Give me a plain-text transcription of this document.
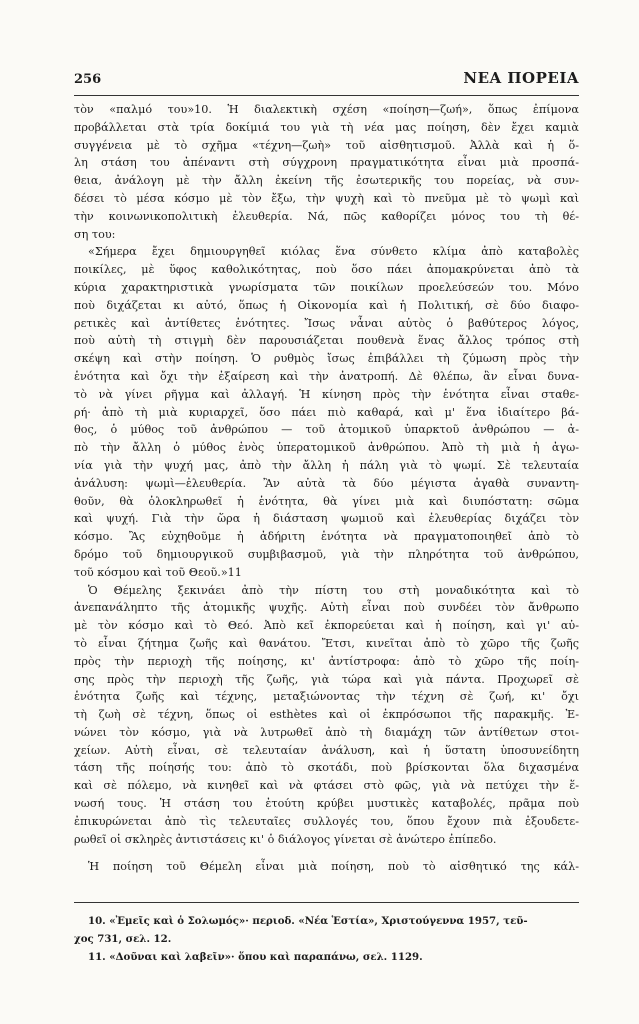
256	ΝΕΑ ΠΟΡΕΙΑ
τὸν «παλμό του»10. Ἡ διαλεκτικὴ σχέση «ποίηση—ζωή», ὅπως ἐπίμονα
προβάλλεται στὰ τρία δοκίμιά του γιὰ τὴ νέα μας ποίηση, δὲν ἔχει καμιὰ
συγγένεια μὲ τὸ σχῆμα «τέχνη—ζωὴ» τοῦ αἰσθητισμοῦ. Ἀλλὰ καὶ ἡ ὅ-
λη στάση του ἀπέναντι στὴ σύγχρονη πραγματικότητα εἶναι μιὰ προσπά-
θεια, ἀνάλογη μὲ τὴν ἄλλη ἐκείνη τῆς ἐσωτερικῆς του πορείας, νὰ συν-
δέσει τὸ μέσα κόσμο μὲ τὸν ἔξω, τὴν ψυχὴ καὶ τὸ πνεῦμα μὲ τὸ ψωμὶ καὶ
τὴν κοινωνικοπολιτικὴ ἐλευθερία. Νά, πῶς καθορίζει μόνος του τὴ θέ-
ση του:
«Σήμερα ἔχει δημιουργηθεῖ κιόλας ἕνα σύνθετο κλίμα ἀπὸ καταβολὲς
ποικίλες, μὲ ὕφος καθολικότητας, ποὺ ὅσο πάει ἀπομακρύνεται ἀπὸ τὰ
κύρια χαρακτηριστικὰ γνωρίσματα τῶν ποικίλων προελεύσεών του. Μόνο
ποὺ διχάζεται κι αὐτό, ὅπως ἡ Οἰκονομία καὶ ἡ Πολιτική, σὲ δύο διαφο-
ρετικὲς καὶ ἀντίθετες ἑνότητες. Ἴσως νἆναι αὐτὸς ὁ βαθύτερος λόγος,
ποὺ αὐτὴ τὴ στιγμὴ δὲν παρουσιάζεται πουθενὰ ἕνας ἄλλος τρόπος στὴ
σκέψη καὶ στὴν ποίηση. Ὁ ρυθμὸς ἴσως ἐπιβάλλει τὴ ζύμωση πρὸς τὴν
ἑνότητα καὶ ὄχι τὴν ἐξαίρεση καὶ τὴν ἀνατροπή. Δὲ θλέπω, ἂν εἶναι δυνα-
τὸ νὰ γίνει ρῆγμα καὶ ἀλλαγή. Ἡ κίνηση πρὸς τὴν ἑνότητα εἶναι σταθε-
ρή· ἀπὸ τὴ μιὰ κυριαρχεῖ, ὅσο πάει πιὸ καθαρά, καὶ μ' ἕνα ἰδιαίτερο βά-
θος, ὁ μύθος τοῦ ἀνθρώπου — τοῦ ἀτομικοῦ ὑπαρκτοῦ ἀνθρώπου — ἀ-
πὸ τὴν ἄλλη ὁ μύθος ἑνὸς ὑπερατομικοῦ ἀνθρώπου. Ἀπὸ τὴ μιὰ ἡ ἀγω-
νία γιὰ τὴν ψυχή μας, ἀπὸ τὴν ἄλλη ἡ πάλη γιὰ τὸ ψωμί. Σὲ τελευταία
ἀνάλυση: ψωμὶ—ἐλευθερία. Ἂν αὐτὰ τὰ δύο μέγιστα ἀγαθὰ συναντη-
θοῦν, θὰ ὁλοκληρωθεῖ ἡ ἑνότητα, θὰ γίνει μιὰ καὶ διυπόστατη: σῶμα
καὶ ψυχή. Γιὰ τὴν ὥρα ἡ διάσταση ψωμιοῦ καὶ ἐλευθερίας διχάζει τὸν
κόσμο. Ἂς εὐχηθοῦμε ἡ ἀδήριτη ἑνότητα νὰ πραγματοποιηθεῖ ἀπὸ τὸ
δρόμο τοῦ δημιουργικοῦ συμβιβασμοῦ, γιὰ τὴν πληρότητα τοῦ ἀνθρώπου,
τοῦ κόσμου καὶ τοῦ Θεοῦ.»11
Ὁ Θέμελης ξεκινάει ἀπὸ τὴν πίστη του στὴ μοναδικότητα καὶ τὸ
ἀνεπανάληπτο τῆς ἀτομικῆς ψυχῆς. Αὐτὴ εἶναι ποὺ συνδέει τὸν ἄνθρωπο
μὲ τὸν κόσμο καὶ τὸ Θεό. Ἀπὸ κεῖ ἐκπορεύεται καὶ ἡ ποίηση, καὶ γι' αὐ-
τὸ εἶναι ζήτημα ζωῆς καὶ θανάτου. Ἔτσι, κινεῖται ἀπὸ τὸ χῶρο τῆς ζωῆς
πρὸς τὴν περιοχὴ τῆς ποίησης, κι' ἀντίστροφα: ἀπὸ τὸ χῶρο τῆς ποίη-
σης πρὸς τὴν περιοχὴ τῆς ζωῆς, γιὰ τώρα καὶ γιὰ πάντα. Προχωρεῖ σὲ
ἑνότητα ζωῆς καὶ τέχνης, μεταξιώνοντας τὴν τέχνη σὲ ζωή, κι' ὄχι
τὴ ζωὴ σὲ τέχνη, ὅπως οἱ esthètes καὶ οἱ ἐκπρόσωποι τῆς παρακμῆς. Ἐ-
νώνει τὸν κόσμο, γιὰ νὰ λυτρωθεῖ ἀπὸ τὴ διαμάχη τῶν ἀντίθετων στοι-
χείων. Αὐτὴ εἶναι, σὲ τελευταίαν ἀνάλυση, καὶ ἡ ὕστατη ὑποσυνείδητη
τάση τῆς ποίησής του: ἀπὸ τὸ σκοτάδι, ποὺ βρίσκονται ὅλα διχασμένα
καὶ σὲ πόλεμο, νὰ κινηθεῖ καὶ νὰ φτάσει στὸ φῶς, γιὰ νὰ πετύχει τὴν ἕ-
νωσή τους. Ἡ στάση του ἐτούτη κρύβει μυστικὲς καταβολές, πρᾶμα ποὺ
ἐπικυρώνεται ἀπὸ τὶς τελευταῖες συλλογές του, ὅπου ἔχουν πιὰ ἐξουδετε-
ρωθεῖ οἱ σκληρὲς ἀντιστάσεις κι' ὁ διάλογος γίνεται σὲ ἀνώτερο ἐπίπεδο.
Ἡ ποίηση τοῦ Θέμελη εἶναι μιὰ ποίηση, ποὺ τὸ αἰσθητικό της κάλ-
10. «Ἐμεῖς καὶ ὁ Σολωμός»· περιοδ. «Νέα Ἑστία», Χριστούγεννα 1957, τεῦ-
χος 731, σελ. 12.
11. «Δοῦναι καὶ λαβεῖν»· ὅπου καὶ παραπάνω, σελ. 1129.
